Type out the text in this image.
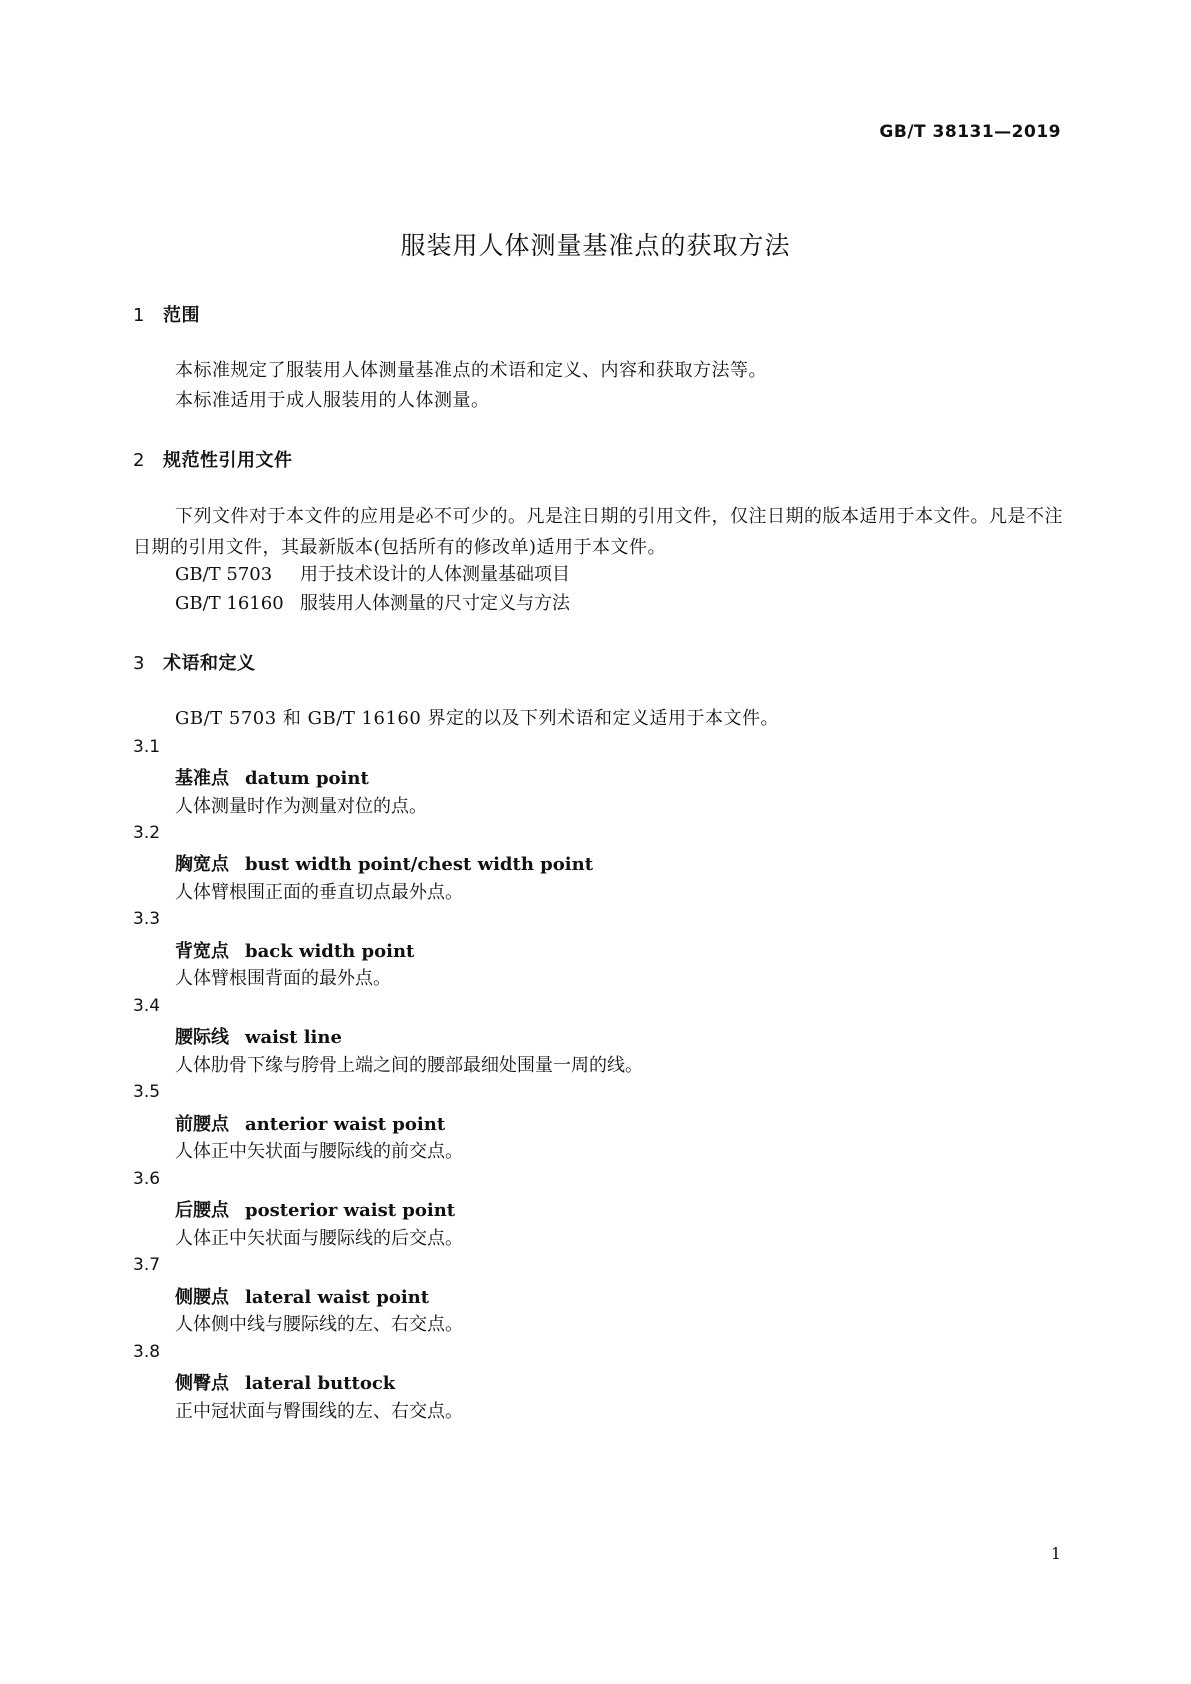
GB/T 38131—2019
服装用人体测量基准点的获取方法
1 范围
本标准规定了服装用人体测量基准点的术语和定义、内容和获取方法等。
本标准适用于成人服装用的人体测量。
2 规范性引用文件
下列文件对于本文件的应用是必不可少的。凡是注日期的引用文件，仅注日期的版本适用于本文件。凡是不注日期的引用文件，其最新版本(包括所有的修改单)适用于本文件。
GB/T 5703 用于技术设计的人体测量基础项目
GB/T 16160 服装用人体测量的尺寸定义与方法
3 术语和定义
GB/T 5703 和 GB/T 16160 界定的以及下列术语和定义适用于本文件。
3.1
基准点 datum point
人体测量时作为测量对位的点。
3.2
胸宽点 bust width point/chest width point
人体臂根围正面的垂直切点最外点。
3.3
背宽点 back width point
人体臂根围背面的最外点。
3.4
腰际线 waist line
人体肋骨下缘与胯骨上端之间的腰部最细处围量一周的线。
3.5
前腰点 anterior waist point
人体正中矢状面与腰际线的前交点。
3.6
后腰点 posterior waist point
人体正中矢状面与腰际线的后交点。
3.7
侧腰点 lateral waist point
人体侧中线与腰际线的左、右交点。
3.8
侧臀点 lateral buttock
正中冠状面与臀围线的左、右交点。
1
